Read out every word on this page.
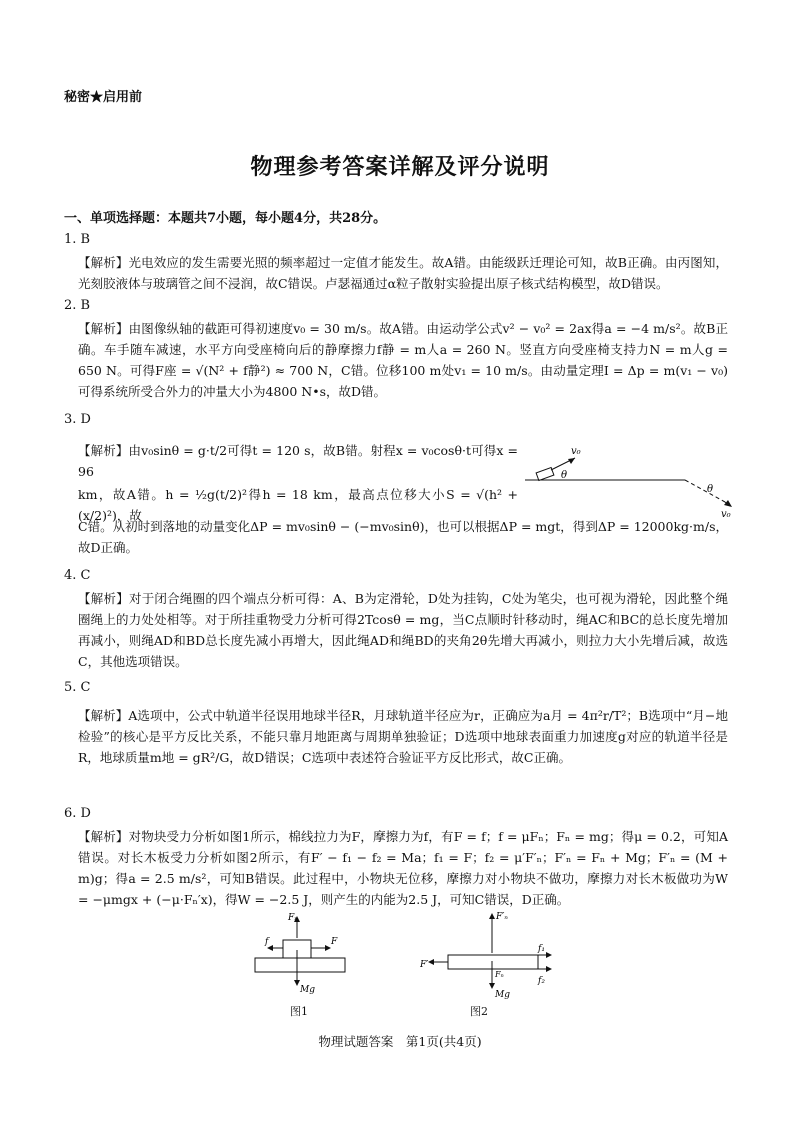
秘密★启用前
物理参考答案详解及评分说明
一、单项选择题：本题共7小题，每小题4分，共28分。
1. B
【解析】光电效应的发生需要光照的频率超过一定值才能发生。故A错。由能级跃迁理论可知，故B正确。由丙图知，光刻胶液体与玻璃管之间不浸润，故C错误。卢瑟福通过α粒子散射实验提出原子核式结构模型，故D错误。
2. B
【解析】由图像纵轴的截距可得初速度v₀ = 30 m/s。故A错。由运动学公式v² − v₀² = 2ax得a = −4 m/s²。故B正确。车手随车减速，水平方向受座椅向后的静摩擦力f静 = m人a = 260 N。竖直方向受座椅支持力N = m人g = 650 N。可得F座 = √(N² + f静²) ≈ 700 N，C错。位移100 m处v₁ = 10 m/s。由动量定理I = Δp = m(v₁ − v₀)可得系统所受合外力的冲量大小为4800 N•s，故D错。
3. D
【解析】由v₀sinθ = g·t/2可得t = 120 s，故B错。射程x = v₀cosθ·t可得x = 96
km，故A错。h = ½g(t/2)²得h = 18 km，最高点位移大小S = √(h² + (x/2)²)，故
C错。从初时到落地的动量变化ΔP = mv₀sinθ − (−mv₀sinθ)，也可以根据ΔP = mgt，得到ΔP = 12000kg·m/s，故D正确。
v₀
θ
θ
v₀
4. C
【解析】对于闭合绳圈的四个端点分析可得：A、B为定滑轮，D处为挂钩，C处为笔尖，也可视为滑轮，因此整个绳圈绳上的力处处相等。对于所挂重物受力分析可得2Tcosθ = mg，当C点顺时针移动时，绳AC和BC的总长度先增加再减小，则绳AD和BD总长度先减小再增大，因此绳AD和绳BD的夹角2θ先增大再减小，则拉力大小先增后减，故选C，其他选项错误。
5. C
【解析】A选项中，公式中轨道半径误用地球半径R，月球轨道半径应为r，正确应为a月 = 4π²r/T²；B选项中“月−地检验”的核心是平方反比关系，不能只靠月地距离与周期单独验证；D选项中地球表面重力加速度g对应的轨道半径是R，地球质量m地 = gR²/G，故D错误；C选项中表述符合验证平方反比形式，故C正确。
6. D
【解析】对物块受力分析如图1所示，棉线拉力为F，摩擦力为f，有F = f；f = μFₙ；Fₙ = mg；得μ = 0.2，可知A错误。对长木板受力分析如图2所示，有F′ − f₁ − f₂ = Ma；f₁ = F；f₂ = μ′F′ₙ；F′ₙ = Fₙ + Mg；F′ₙ = (M + m)g；得a = 2.5 m/s²，可知B错误。此过程中，小物块无位移，摩擦力对小物块不做功，摩擦力对长木板做功为W = −μmgx + (−μ·Fₙ′x)，得W = −2.5 J，则产生的内能为2.5 J，可知C错误，D正确。
Fₙ
f	F
Mg
图1
F′ₙ
F′
f₁
f₂
Fₙ
Mg
图2
物理试题答案　第1页(共4页)
